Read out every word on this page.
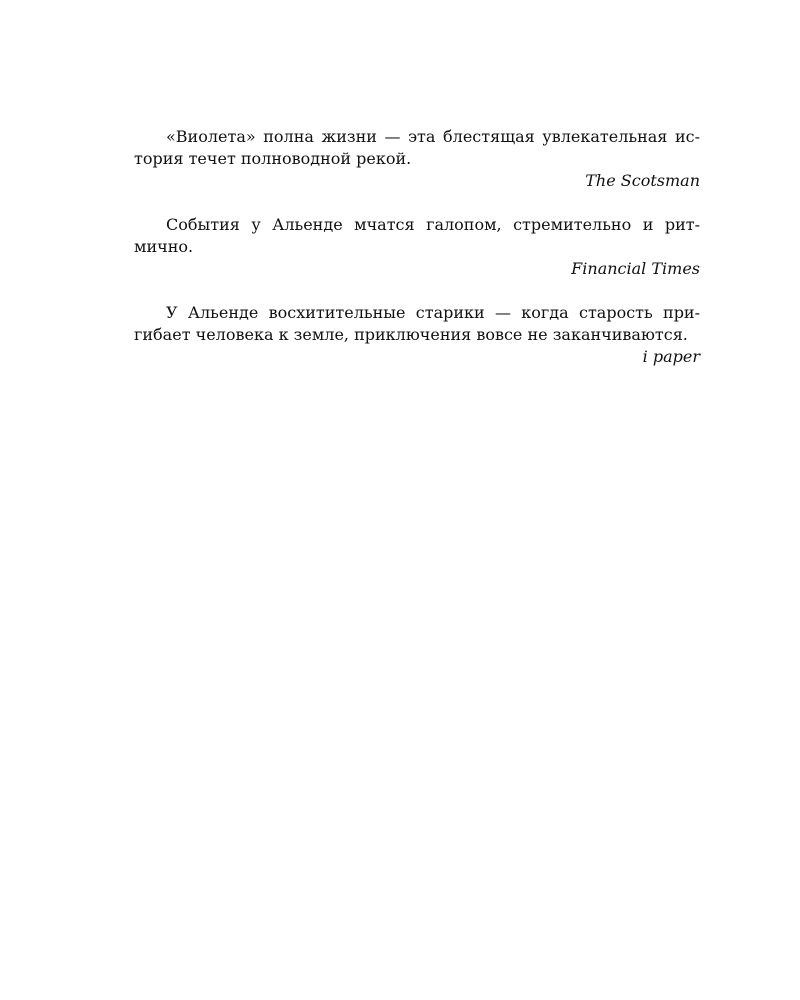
«Виолета» полна жизни — эта блестящая увлекательная ис-
тория течет полноводной рекой.
The Scotsman
События у Альенде мчатся галопом, стремительно и рит-
мично.
Financial Times
У Альенде восхитительные старики — когда старость при-
гибает человека к земле, приключения вовсе не заканчиваются.
i paper
